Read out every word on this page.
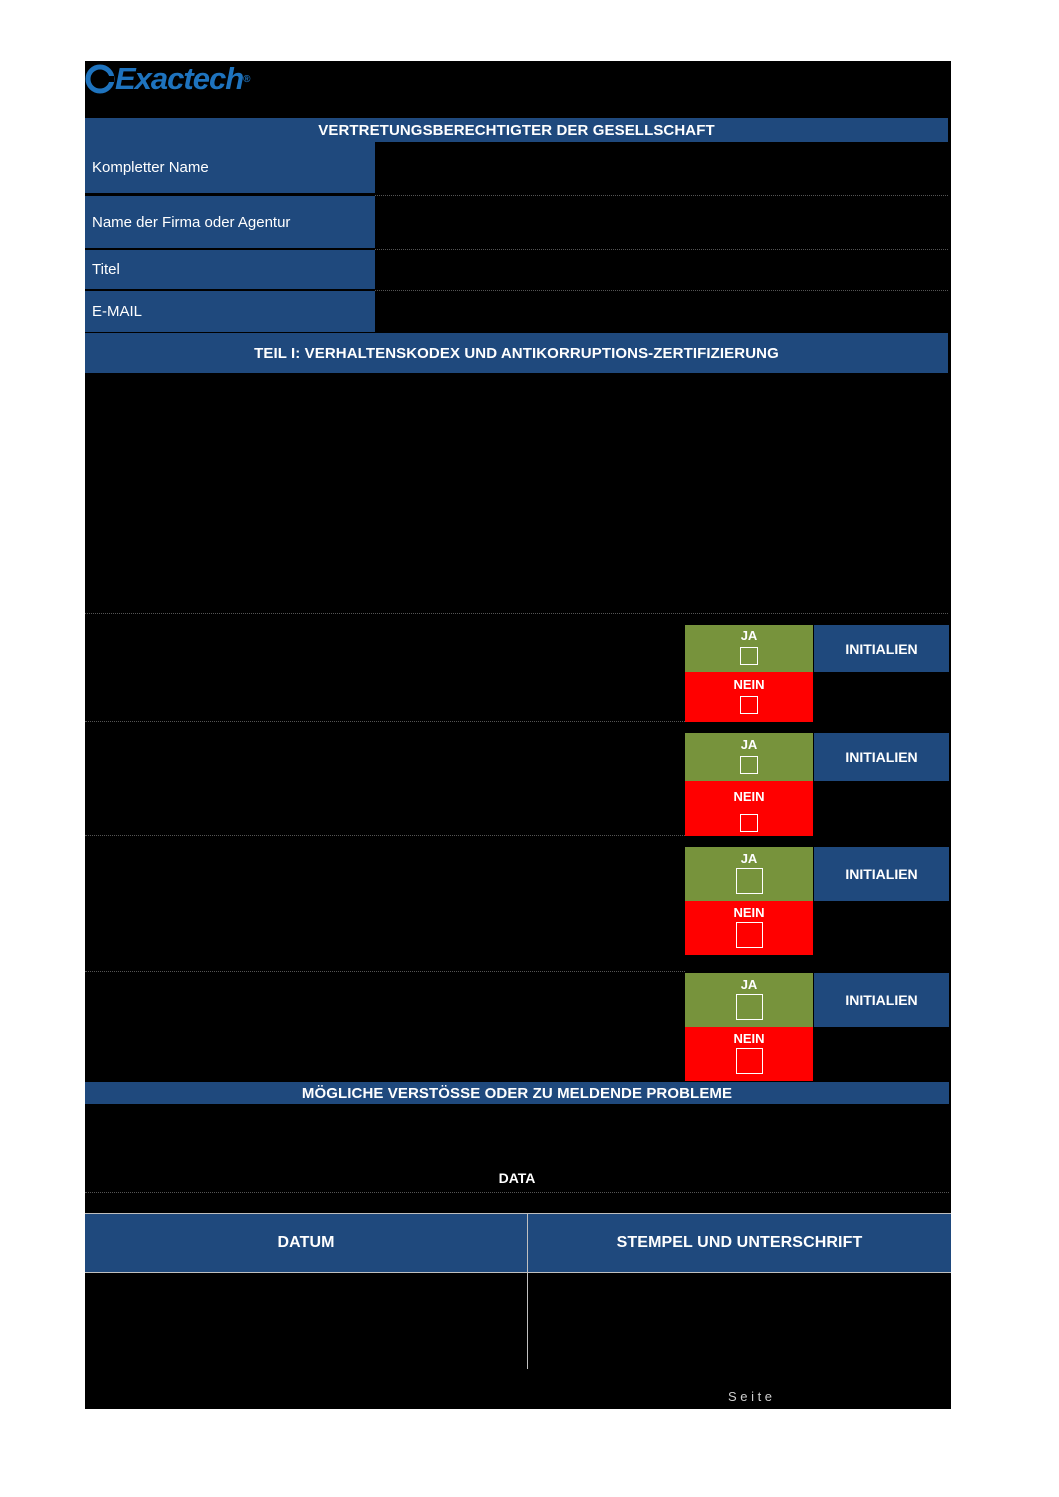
Exactech ®
VERTRETUNGSBERECHTIGTER DER GESELLSCHAFT
Kompletter Name
Name der Firma oder Agentur
Titel
E-MAIL
TEIL I: VERHALTENSKODEX UND ANTIKORRUPTIONS-ZERTIFIZIERUNG
JA
NEIN
INITIALIEN
JA
NEIN
INITIALIEN
JA
NEIN
INITIALIEN
JA
NEIN
INITIALIEN
MÖGLICHE VERSTÖSSE ODER ZU MELDENDE PROBLEME
DATA
DATUM	STEMPEL UND UNTERSCHRIFT
S e i t e
